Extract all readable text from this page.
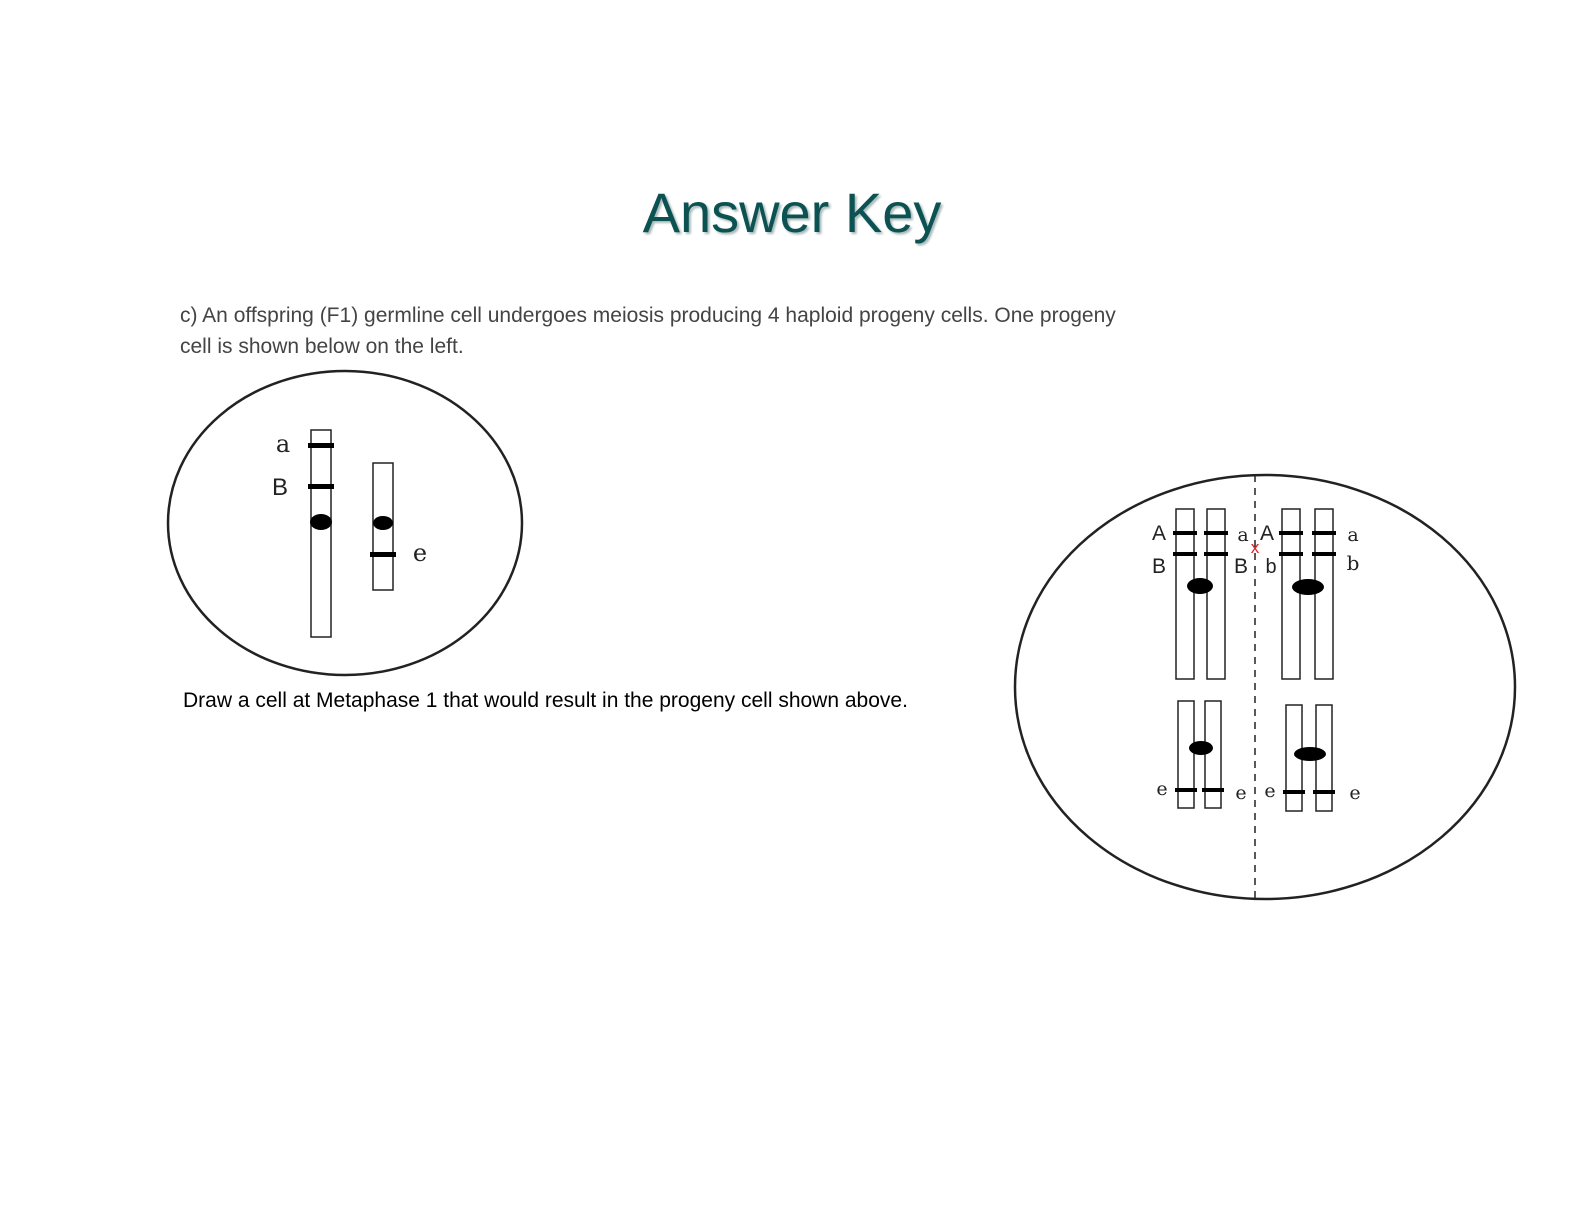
Answer Key

c) An offspring (F1) germline cell undergoes meiosis producing 4 haploid progeny cells. One progeny cell is shown below on the left.

Draw a cell at Metaphase 1 that would result in the progeny cell shown above.

a
B
e
A
B
a
x
B
A
b
a
b
e	e e	e
